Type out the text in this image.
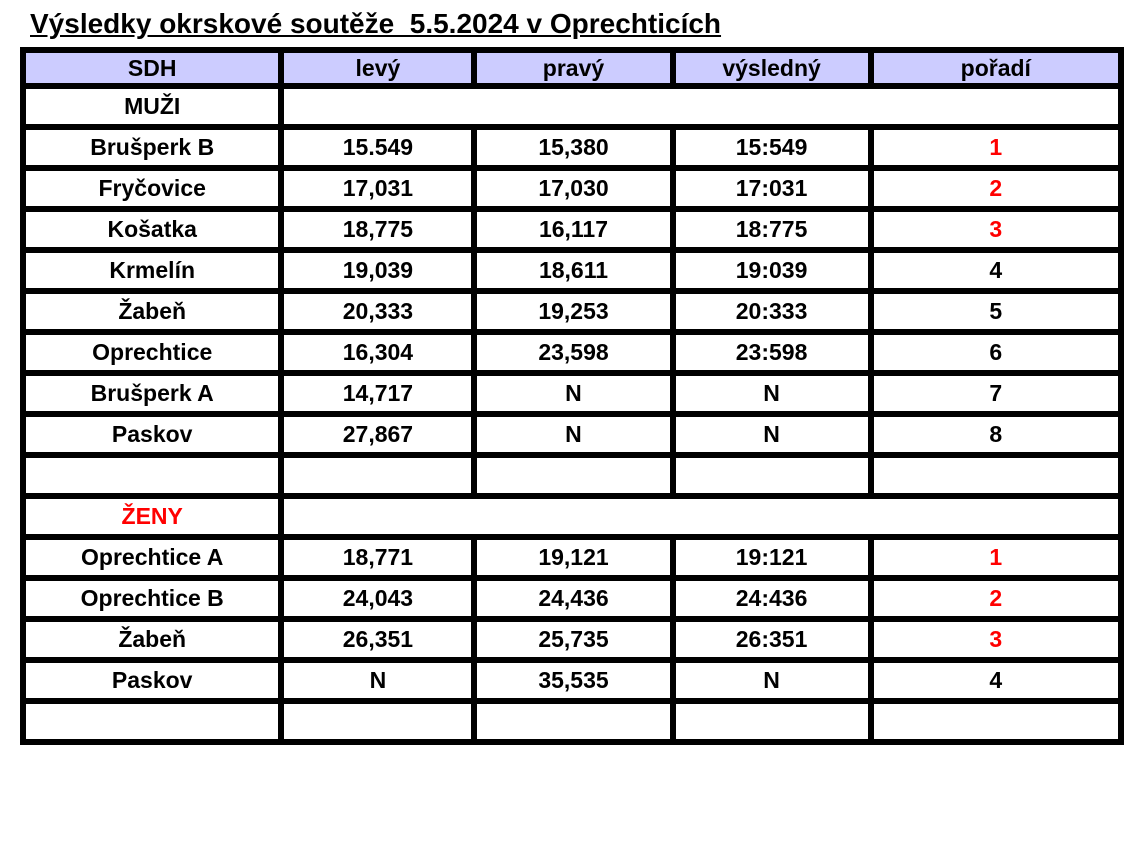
Výsledky okrskové soutěže  5.5.2024 v Oprechticích
SDH	levý	pravý	výsledný	pořadí
MUŽI				
Brušperk B	15.549	15,380	15:549	1
Fryčovice	17,031	17,030	17:031	2
Košatka	18,775	16,117	18:775	3
Krmelín	19,039	18,611	19:039	4
Žabeň	20,333	19,253	20:333	5
Oprechtice	16,304	23,598	23:598	6
Brušperk A	14,717	N	N	7
Paskov	27,867	N	N	8

ŽENY				
Oprechtice A	18,771	19,121	19:121	1
Oprechtice B	24,043	24,436	24:436	2
Žabeň	26,351	25,735	26:351	3
Paskov	N	35,535	N	4
